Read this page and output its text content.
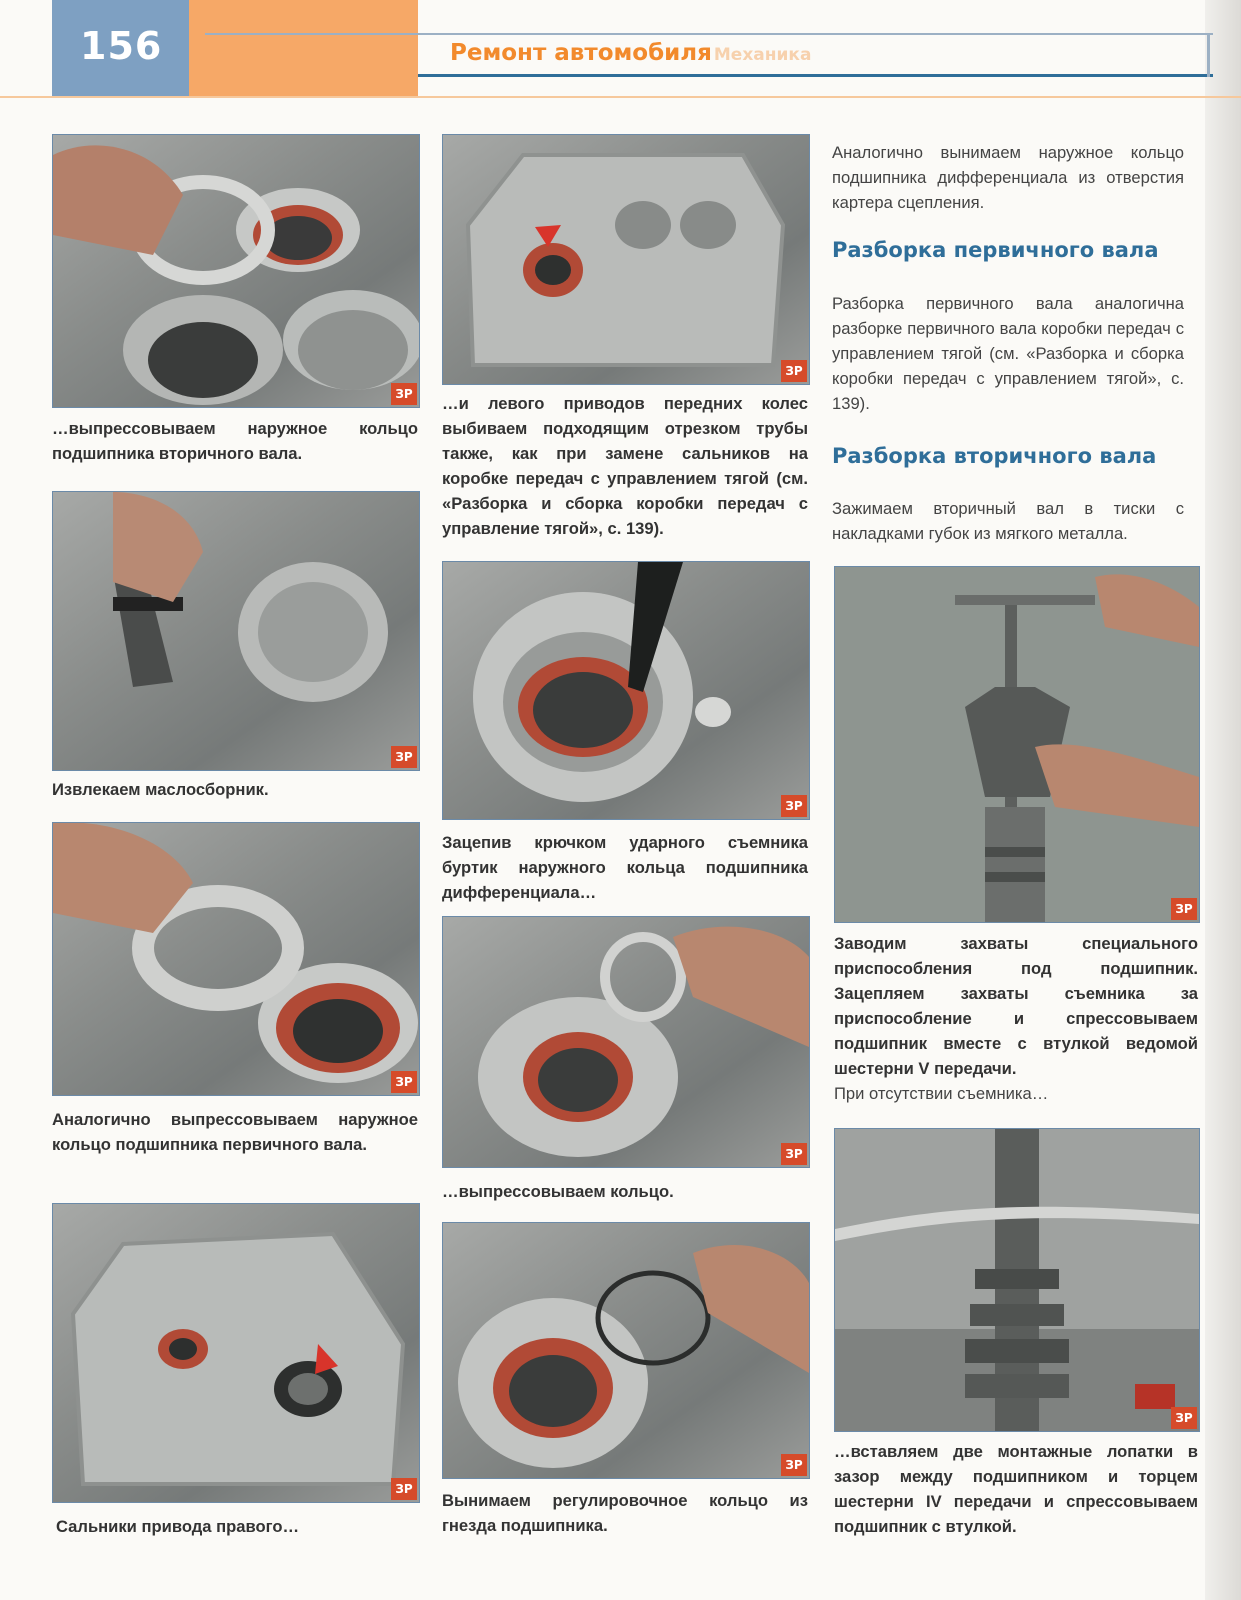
156	Ремонт автомобиля Механика
ЗР

…выпрессовываем наружное кольцо подшипника вторичного вала.

ЗР

Извлекаем маслосборник.

ЗР

Аналогично выпрессовываем наружное кольцо подшипника первичного вала.

ЗР

Сальники привода правого…

ЗР

…и левого приводов передних колес выбиваем подходящим отрезком трубы также, как при замене сальников на коробке передач с управлением тягой (см. «Разборка и сборка коробки передач с управление тягой», с. 139).

ЗР

Зацепив крючком ударного съемника буртик наружного кольца подшипника дифференциала…

ЗР

…выпрессовываем кольцо.

ЗР

Вынимаем регулировочное кольцо из гнезда подшипника.

Аналогично вынимаем наружное кольцо подшипника дифференциала из отверстия картера сцепления.

Разборка первичного вала

Разборка первичного вала аналогична разборке первичного вала коробки передач с управлением тягой (см. «Разборка и сборка коробки передач с управлением тягой», с. 139).

Разборка вторичного вала

Зажимаем вторичный вал в тиски с накладками губок из мягкого металла.

ЗР

Заводим захваты специального приспособления под подшипник. Зацепляем захваты съемника за приспособление и спрессовываем подшипник вместе с втулкой ведомой шестерни V передачи.

При отсутствии съемника…

ЗР

…вставляем две монтажные лопатки в зазор между подшипником и торцем шестерни IV передачи и спрессовываем подшипник с втулкой.
